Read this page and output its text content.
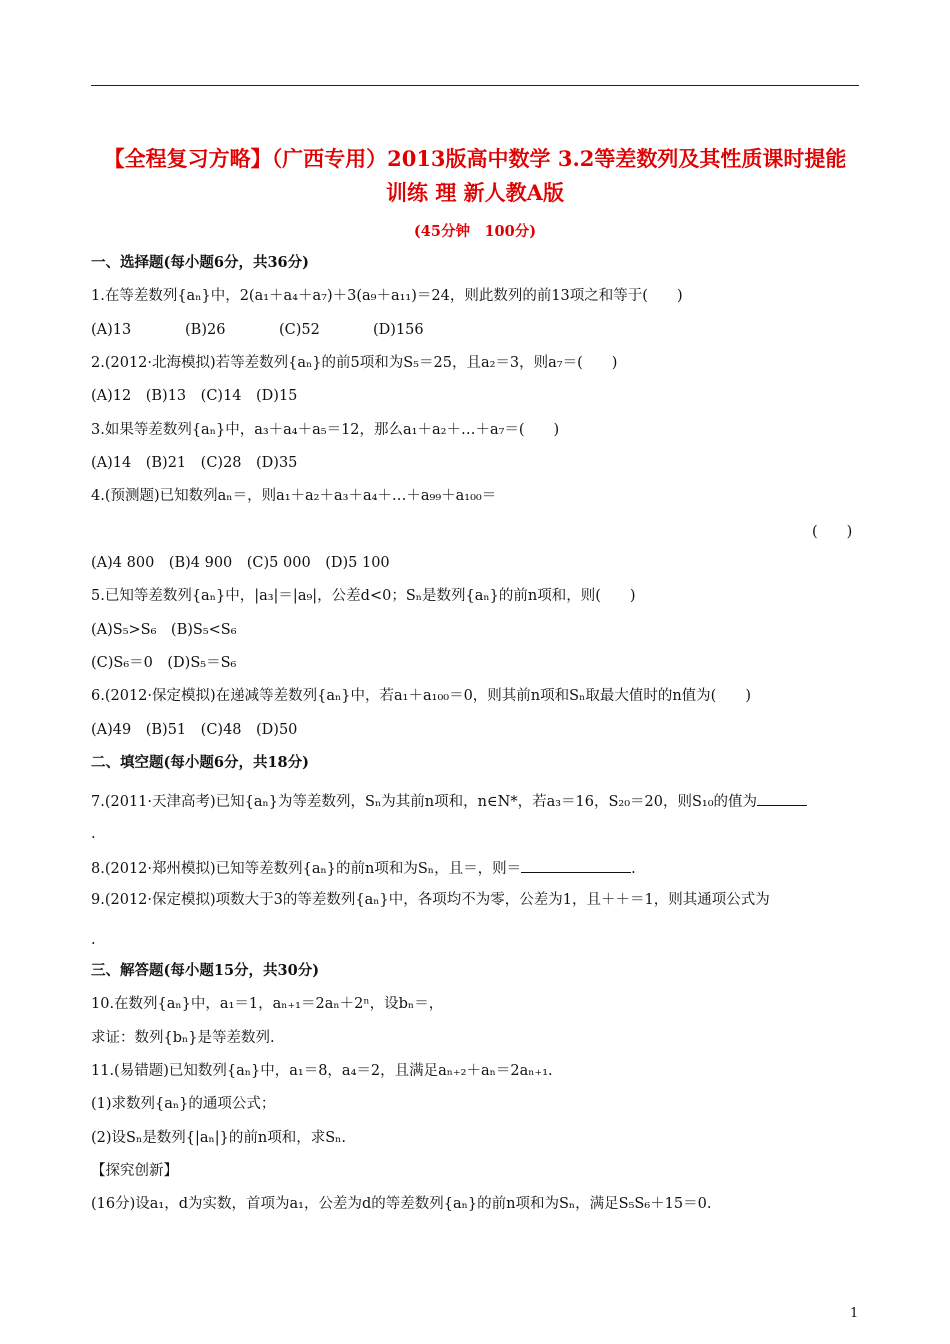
【全程复习方略】（广西专用）2013版高中数学 3.2等差数列及其性质课时提能
训练 理 新人教A版
(45分钟　100分)
一、选择题(每小题6分，共36分)
1.在等差数列{aₙ}中，2(a₁＋a₄＋a₇)＋3(a₉＋a₁₁)＝24，则此数列的前13项之和等于(　　)
(A)13	(B)26	(C)52	(D)156
2.(2012·北海模拟)若等差数列{aₙ}的前5项和为S₅＝25，且a₂＝3，则a₇＝(　　)
(A)12　(B)13　(C)14　(D)15
3.如果等差数列{aₙ}中，a₃＋a₄＋a₅＝12，那么a₁＋a₂＋…＋a₇＝(　　)
(A)14　(B)21　(C)28　(D)35
4.(预测题)已知数列aₙ＝，则a₁＋a₂＋a₃＋a₄＋…＋a₉₉＋a₁₀₀＝
(　　)
(A)4 800　(B)4 900　(C)5 000　(D)5 100
5.已知等差数列{aₙ}中，|a₃|＝|a₉|，公差d<0；Sₙ是数列{aₙ}的前n项和，则(　　)
(A)S₅>S₆　(B)S₅<S₆
(C)S₆＝0　(D)S₅＝S₆
6.(2012·保定模拟)在递减等差数列{aₙ}中，若a₁＋a₁₀₀＝0，则其前n项和Sₙ取最大值时的n值为(　　)
(A)49　(B)51　(C)48　(D)50
二、填空题(每小题6分，共18分)
7.(2011·天津高考)已知{aₙ}为等差数列，Sₙ为其前n项和，n∈N*，若a₃＝16，S₂₀＝20，则S₁₀的值为
.
8.(2012·郑州模拟)已知等差数列{aₙ}的前n项和为Sₙ，且＝，则＝	.
9.(2012·保定模拟)项数大于3的等差数列{aₙ}中，各项均不为零，公差为1，且＋＋＝1，则其通项公式为
.
三、解答题(每小题15分，共30分)
10.在数列{aₙ}中，a₁＝1，aₙ₊₁＝2aₙ＋2ⁿ，设bₙ＝，
求证：数列{bₙ}是等差数列.
11.(易错题)已知数列{aₙ}中，a₁＝8，a₄＝2，且满足aₙ₊₂＋aₙ＝2aₙ₊₁.
(1)求数列{aₙ}的通项公式；
(2)设Sₙ是数列{|aₙ|}的前n项和，求Sₙ.
【探究创新】
(16分)设a₁，d为实数，首项为a₁，公差为d的等差数列{aₙ}的前n项和为Sₙ，满足S₅S₆＋15＝0.
1
